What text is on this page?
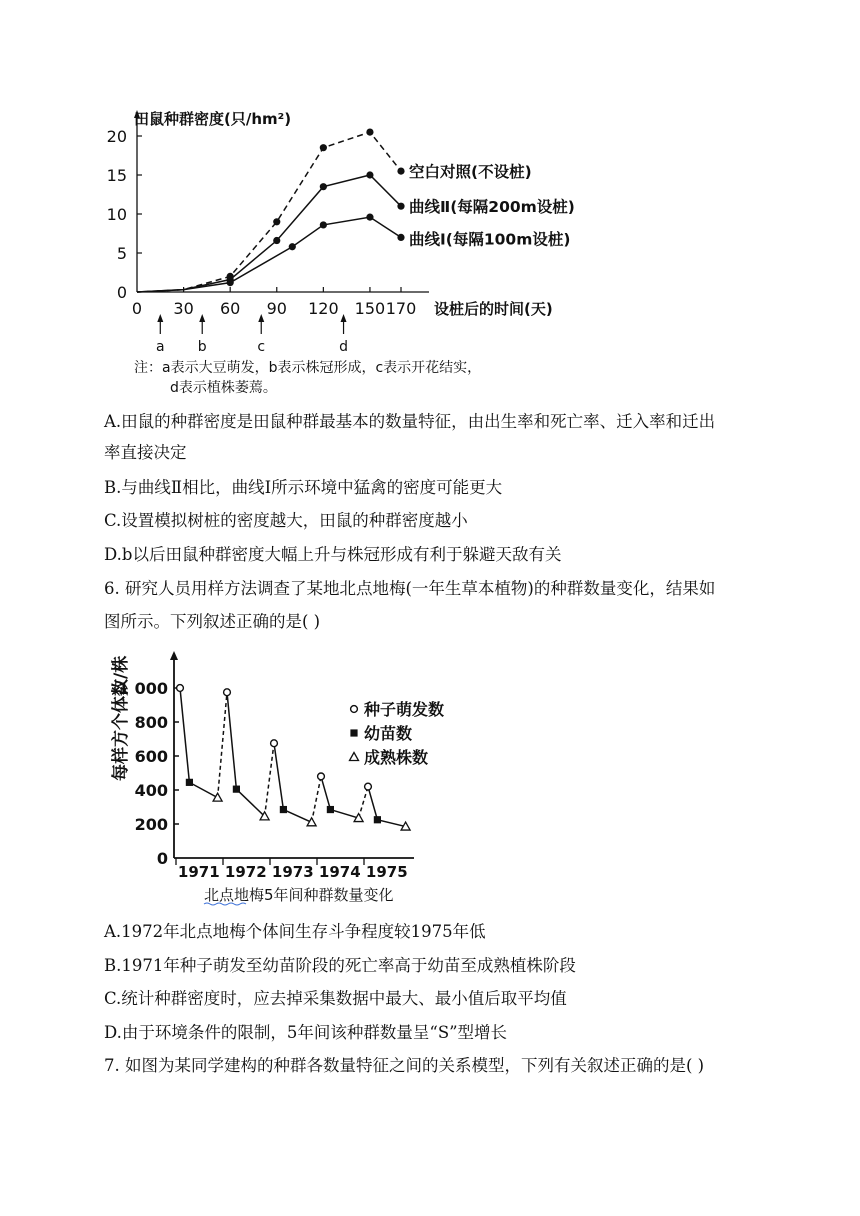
0
5
10
15
20
0 30 60 90 120 150 170
田鼠种群密度(只/hm²)
设桩后的时间(天)
空白对照(不设桩)
曲线Ⅱ(每隔200m设桩)
曲线Ⅰ(每隔100m设桩)
a b	c	d
注：a表示大豆萌发，b表示株冠形成，c表示开花结实，
d表示植株萎蔫。
A.田鼠的种群密度是田鼠种群最基本的数量特征，由出生率和死亡率、迁入率和迁出
率直接决定
B.与曲线Ⅱ相比，曲线Ⅰ所示环境中猛禽的密度可能更大
C.设置模拟树桩的密度越大，田鼠的种群密度越小
D.b以后田鼠种群密度大幅上升与株冠形成有利于躲避天敌有关
6. 研究人员用样方法调查了某地北点地梅(一年生草本植物)的种群数量变化，结果如
图所示。下列叙述正确的是( )
0
200
400
600
800
1 000
1971 1972 1973 1974 1975
每样方个体数/株	种子萌发数
幼苗数
成熟株数
北点地梅5年间种群数量变化
A.1972年北点地梅个体间生存斗争程度较1975年低
B.1971年种子萌发至幼苗阶段的死亡率高于幼苗至成熟植株阶段
C.统计种群密度时，应去掉采集数据中最大、最小值后取平均值
D.由于环境条件的限制，5年间该种群数量呈“S”型增长
7. 如图为某同学建构的种群各数量特征之间的关系模型，下列有关叙述正确的是( )
